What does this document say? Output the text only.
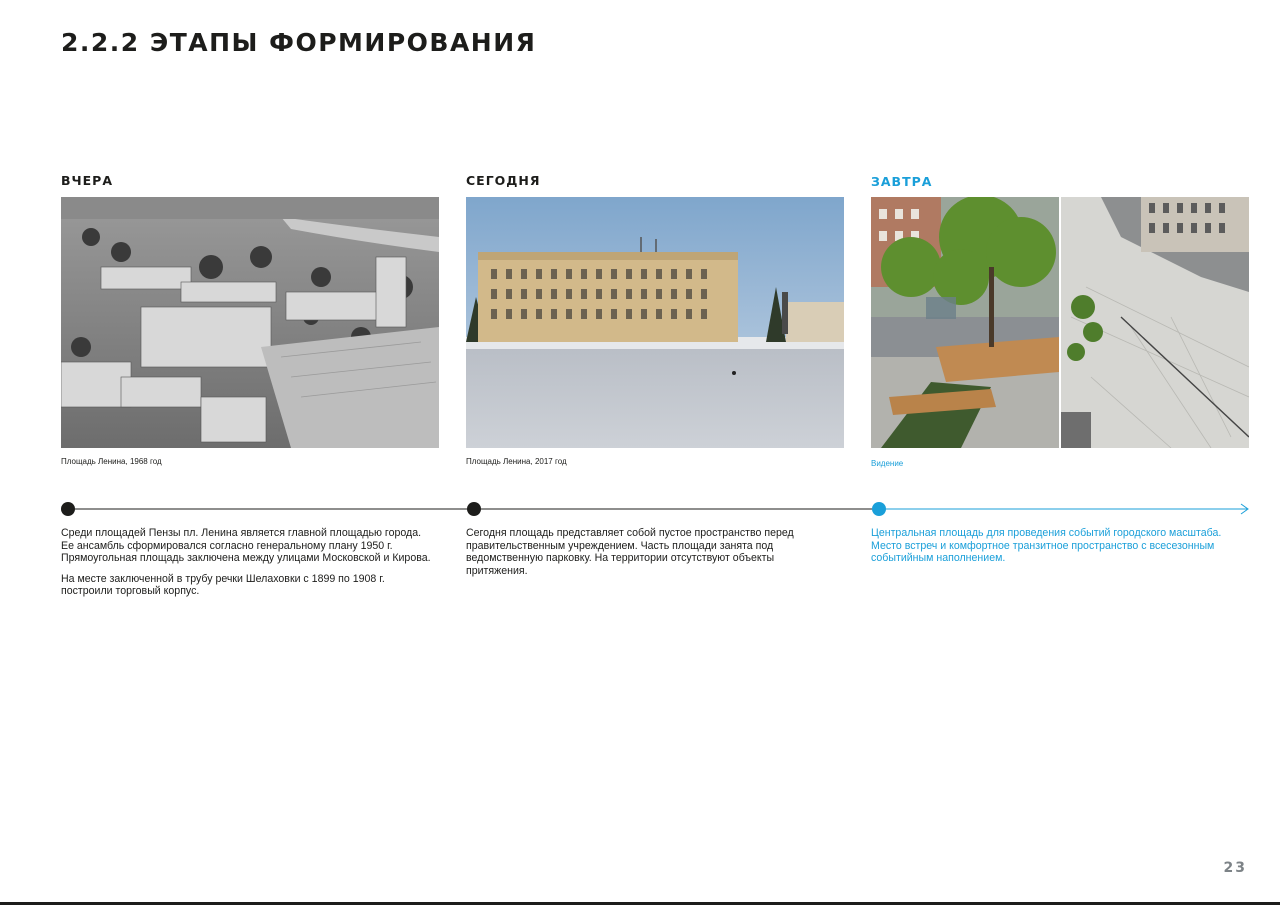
2.2.2 ЭТАПЫ ФОРМИРОВАНИЯ
ВЧЕРА
Площадь Ленина, 1968 год

Среди площадей Пензы пл. Ленина является главной площадью города. Ее ансамбль сформировался согласно генеральному плану 1950 г. Прямоугольная площадь заключена между улицами Московской и Кирова.

На месте заключенной в трубу речки Шелаховки с 1899 по 1908 г. построили торговый корпус.

СЕГОДНЯ
Площадь Ленина, 2017 год

Сегодня площадь представляет собой пустое пространство перед правительственным учреждением. Часть площади занята под ведомственную парковку. На территории отсутствуют объекты притяжения.

ЗАВТРА
Видение

Центральная площадь для проведения событий городского масштаба. Место встреч и комфортное транзитное пространство с всесезонным событийным наполнением.

23
